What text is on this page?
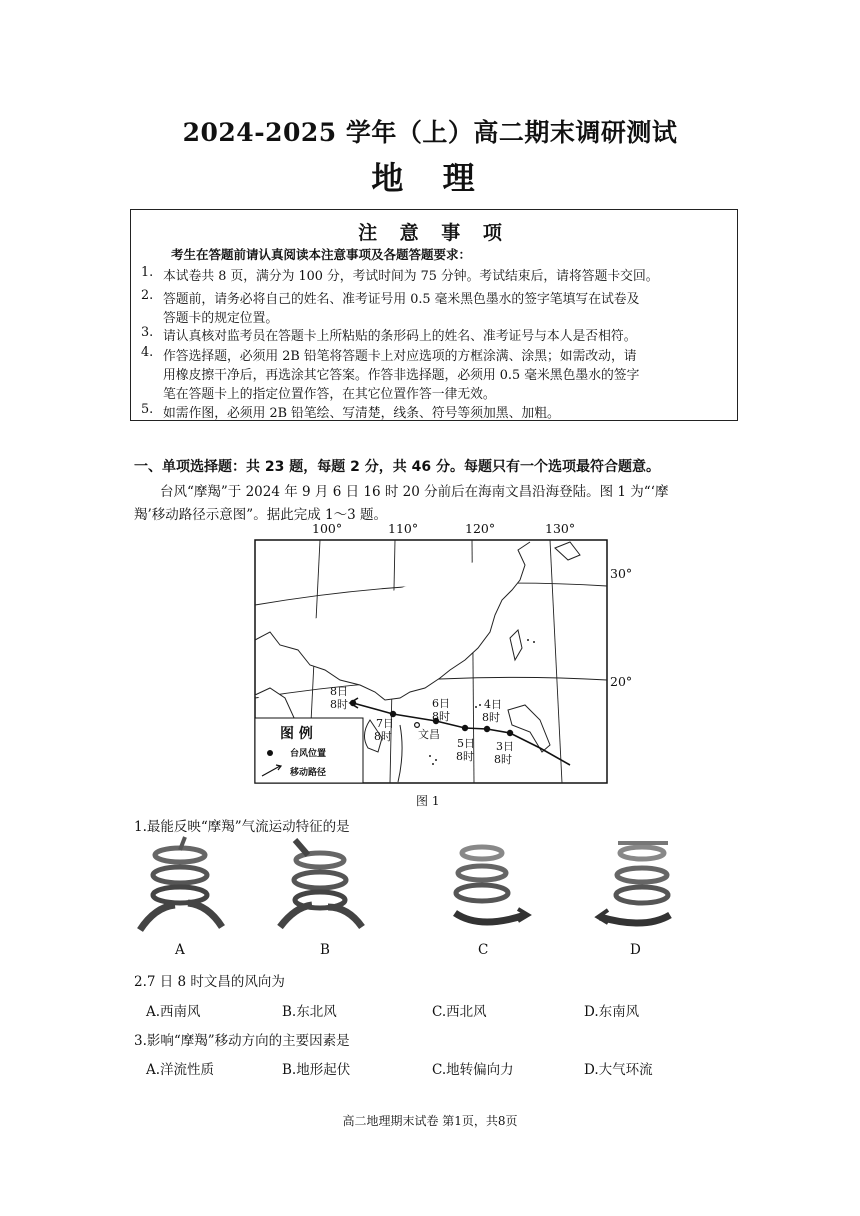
2024-2025 学年（上）高二期末调研测试
地 理
注 意 事 项
考生在答题前请认真阅读本注意事项及各题答题要求：
1. 本试卷共 8 页，满分为 100 分，考试时间为 75 分钟。考试结束后，请将答题卡交回。
2. 答题前，请务必将自己的姓名、准考证号用 0.5 毫米黑色墨水的签字笔填写在试卷及
答题卡的规定位置。
3. 请认真核对监考员在答题卡上所粘贴的条形码上的姓名、准考证号与本人是否相符。
4. 作答选择题，必须用 2B 铅笔将答题卡上对应选项的方框涂满、涂黑；如需改动，请
用橡皮擦干净后，再选涂其它答案。作答非选择题，必须用 0.5 毫米黑色墨水的签字
笔在答题卡上的指定位置作答，在其它位置作答一律无效。
5. 如需作图，必须用 2B 铅笔绘、写清楚，线条、符号等须加黑、加粗。
一、单项选择题：共 23 题，每题 2 分，共 46 分。每题只有一个选项最符合题意。
台风“摩羯”于 2024 年 9 月 6 日 16 时 20 分前后在海南文昌沿海登陆。图 1 为“‘摩
羯’移动路径示意图”。据此完成 1～3 题。
文昌
100°	110°	120°	130°
30°
20°
8日
8时
7日
8时
6日
8时
4日
8时
5日
8时
3日
8时
图 例
台风位置
移动路径
图 1
1.最能反映“摩羯”气流运动特征的是
A	B	C	D
2.7 日 8 时文昌的风向为
A.西南风	B.东北风	C.西北风	D.东南风
3.影响“摩羯”移动方向的主要因素是
A.洋流性质	B.地形起伏	C.地转偏向力	D.大气环流
高二地理期末试卷 第1页，共8页
